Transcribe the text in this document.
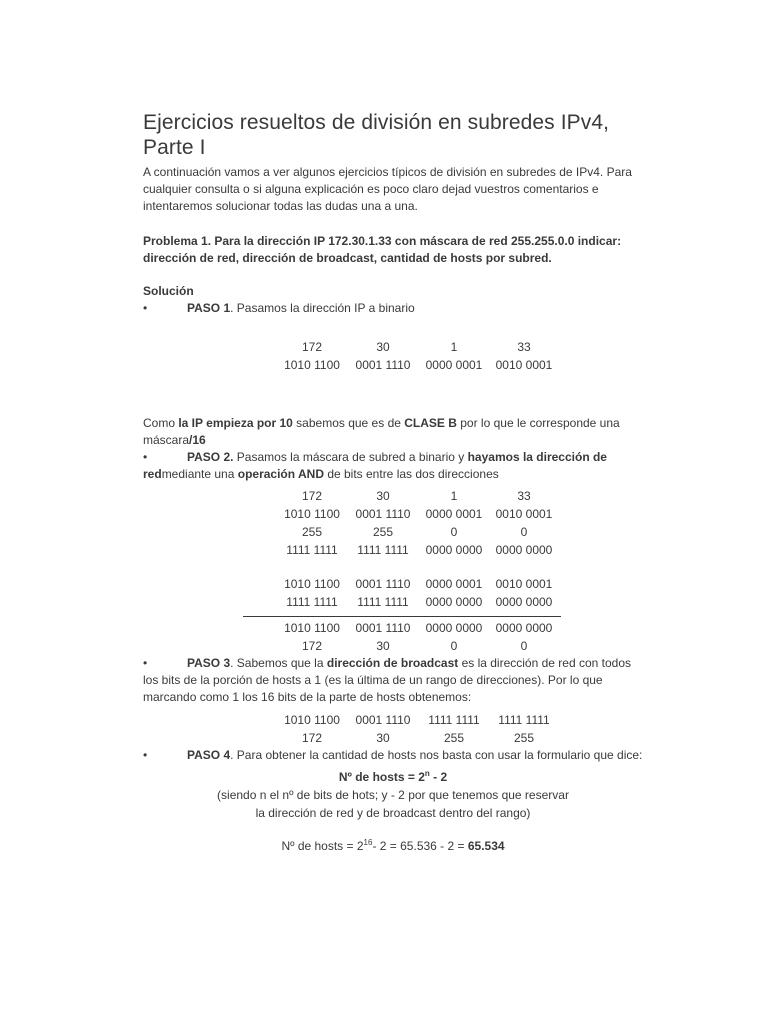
Ejercicios resueltos de división en subredes IPv4, Parte I

A continuación vamos a ver algunos ejercicios típicos de división en subredes de IPv4. Para cualquier consulta o si alguna explicación es poco claro dejad vuestros comentarios e intentaremos solucionar todas las dudas una a una.

Problema 1. Para la dirección IP 172.30.1.33 con máscara de red 255.255.0.0 indicar: dirección de red, dirección de broadcast, cantidad de hosts por subred.

Solución

•	PASO 1. Pasamos la dirección IP a binario
172	30	1	33
1010 1100	0001 1110	0000 0001	0010 0001

Como la IP empieza por 10 sabemos que es de CLASE B por lo que le corresponde una máscara/16

•	PASO 2. Pasamos la máscara de subred a binario y hayamos la dirección de redmediante una operación AND de bits entre las dos direcciones

172	30	1	33
1010 1100	0001 1110	0000 0001	0010 0001
255	255	0	0
1111 1111	1111 1111	0000 0000	0000 0000
1010 1100	0001 1110	0000 0001	0010 0001
1111 1111	1111 1111	0000 0000	0000 0000
1010 1100	0001 1110	0000 0000	0000 0000
172	30	0	0

•	PASO 3. Sabemos que la dirección de broadcast es la dirección de red con todos los bits de la porción de hosts a 1 (es la última de un rango de direcciones). Por lo que marcando como 1 los 16 bits de la parte de hosts obtenemos:

1010 1100	0001 1110	1111 1111	1111 1111
172	30	255	255

•	PASO 4. Para obtener la cantidad de hosts nos basta con usar la formulario que dice:

Nº de hosts = $2^n - 2$
(siendo n el nº de bits de hots; y - 2 por que tenemos que reservar
la dirección de red y de broadcast dentro del rango)
Nº de hosts = $2^{16}-$ 2 = 65.536 - 2 = 65.534
